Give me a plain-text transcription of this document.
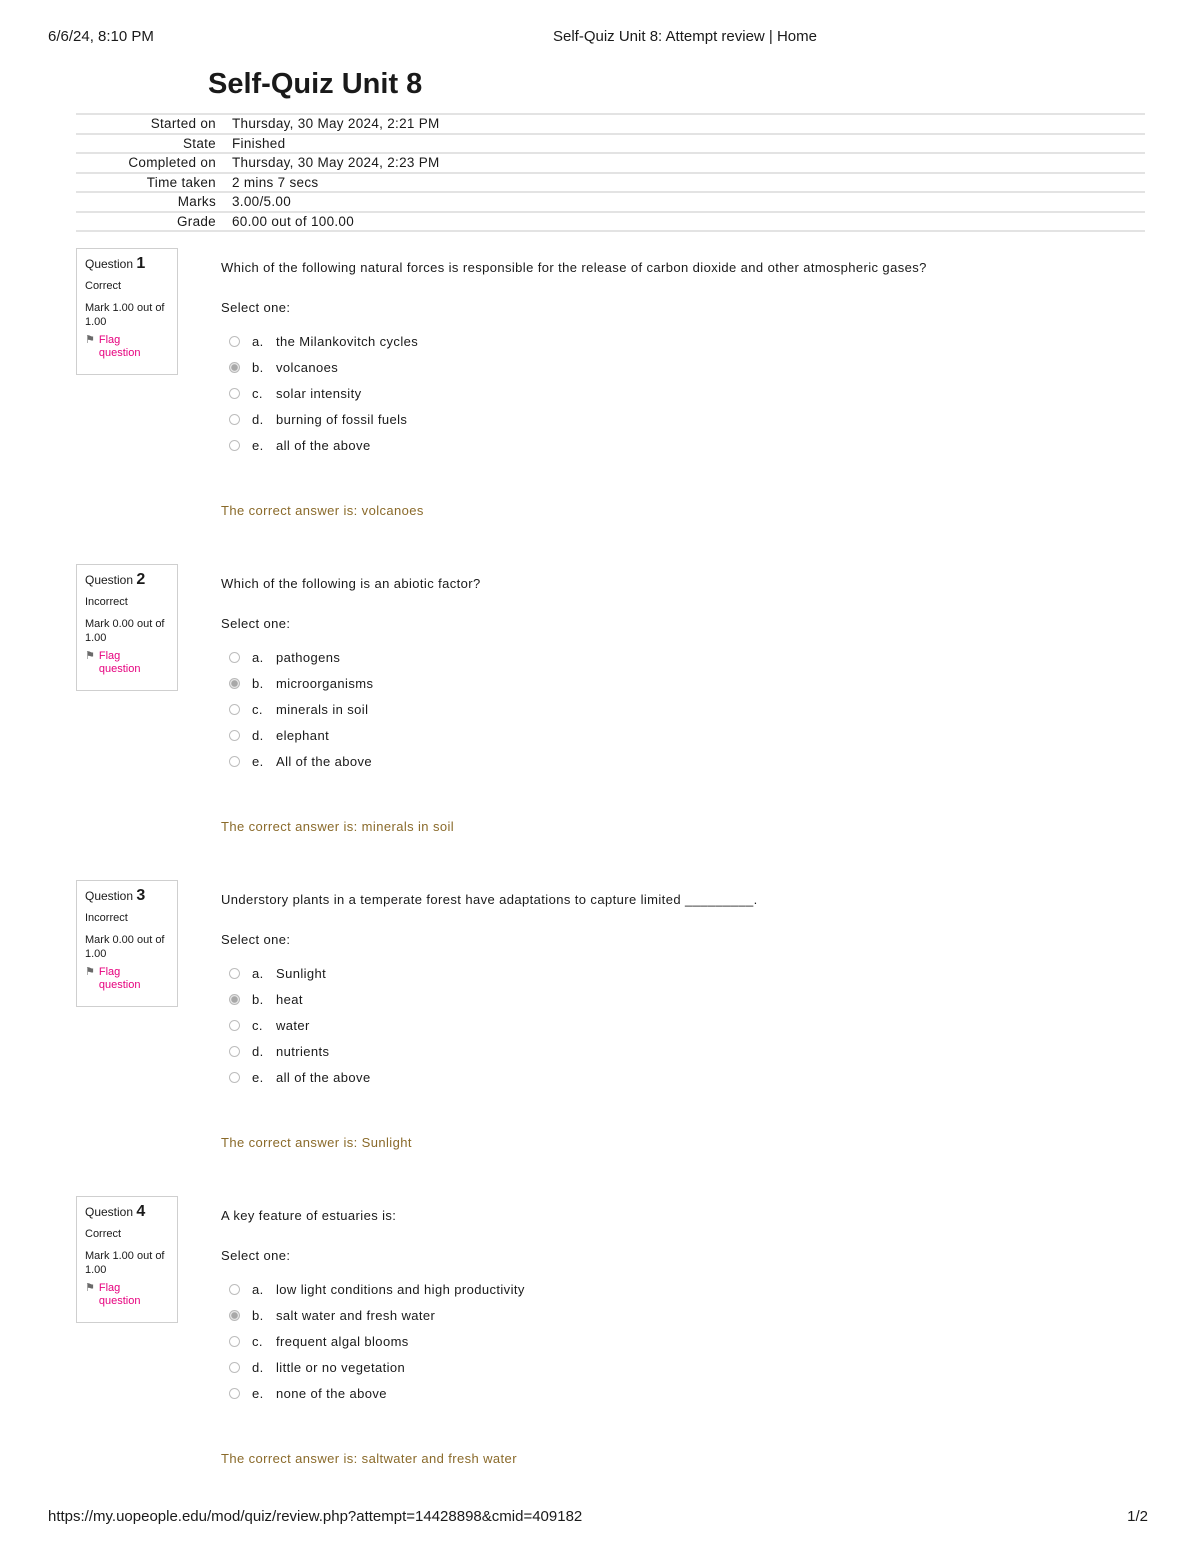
6/6/24, 8:10 PM	Self-Quiz Unit 8: Attempt review | Home
Self-Quiz Unit 8
Started on	Thursday, 30 May 2024, 2:21 PM
State	Finished
Completed on	Thursday, 30 May 2024, 2:23 PM
Time taken	2 mins 7 secs
Marks	3.00/5.00
Grade	60.00 out of 100.00
Question 1
Correct
Mark 1.00 out of 1.00
⚑ Flag question
Which of the following natural forces is responsible for the release of carbon dioxide and other atmospheric gases?
Select one:
a. the Milankovitch cycles
b. volcanoes
c.	solar intensity
d. burning of fossil fuels
e. all of the above
The correct answer is: volcanoes
Question 2
Incorrect
Mark 0.00 out of 1.00
⚑ Flag question
Which of the following is an abiotic factor?
Select one:
a. pathogens
b. microorganisms
c.	minerals in soil
d. elephant
e. All of the above
The correct answer is: minerals in soil
Question 3
Incorrect
Mark 0.00 out of 1.00
⚑ Flag question
Understory plants in a temperate forest have adaptations to capture limited _________.
Select one:
a. Sunlight
b. heat
c.	water
d. nutrients
e. all of the above
The correct answer is: Sunlight
Question 4
Correct
Mark 1.00 out of 1.00
⚑ Flag question
A key feature of estuaries is:
Select one:
a. low light conditions and high productivity
b. salt water and fresh water
c.	frequent algal blooms
d. little or no vegetation
e. none of the above
The correct answer is: saltwater and fresh water
https://my.uopeople.edu/mod/quiz/review.php?attempt=14428898&cmid=409182	1/2
